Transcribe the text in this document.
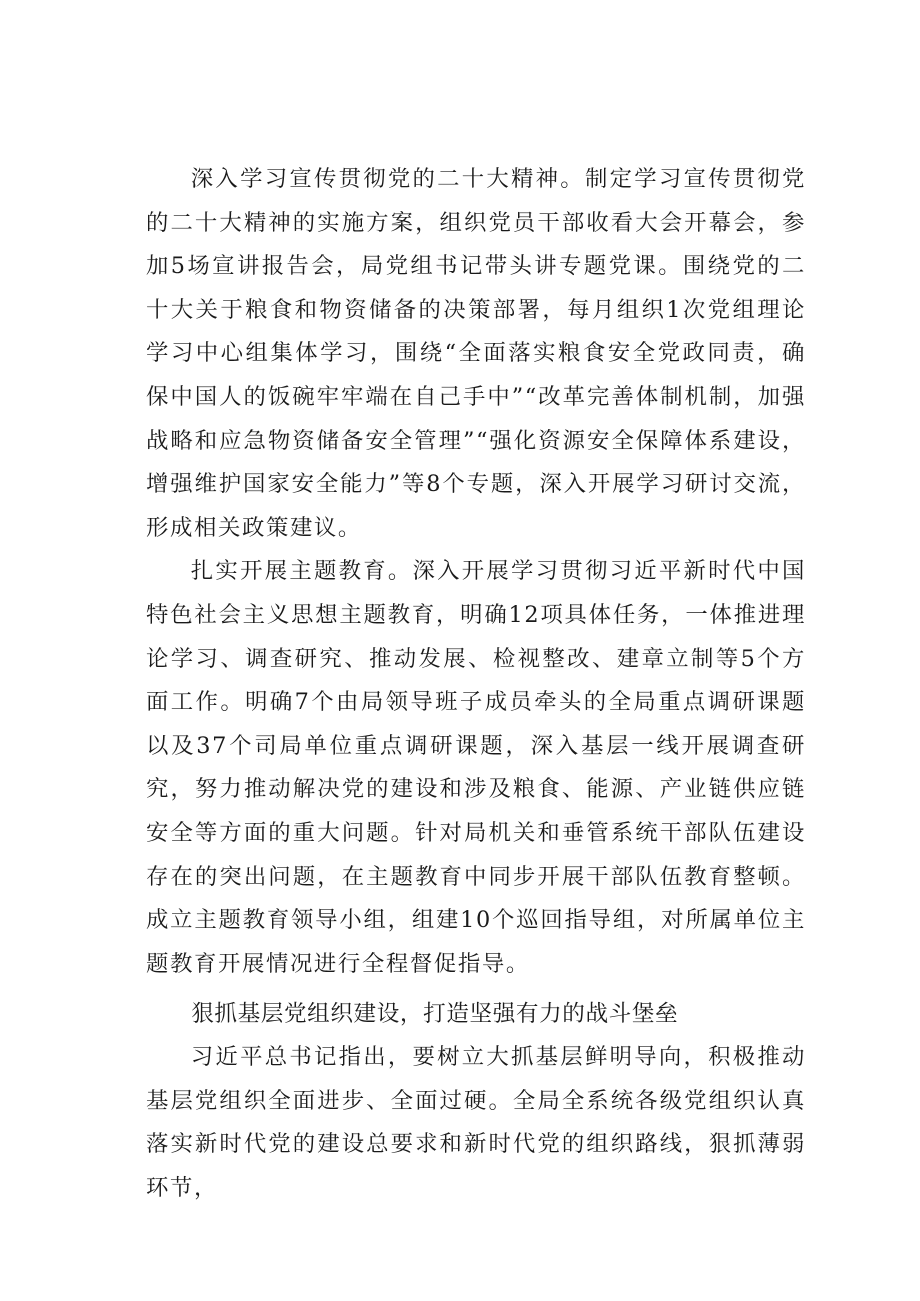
深入学习宣传贯彻党的二十大精神。制定学习宣传贯彻党的二十大精神的实施方案，组织党员干部收看大会开幕会，参加5场宣讲报告会，局党组书记带头讲专题党课。围绕党的二十大关于粮食和物资储备的决策部署，每月组织1次党组理论学习中心组集体学习，围绕“全面落实粮食安全党政同责，确保中国人的饭碗牢牢端在自己手中”“改革完善体制机制，加强战略和应急物资储备安全管理”“强化资源安全保障体系建设，增强维护国家安全能力”等8个专题，深入开展学习研讨交流，形成相关政策建议。

扎实开展主题教育。深入开展学习贯彻习近平新时代中国特色社会主义思想主题教育，明确12项具体任务，一体推进理论学习、调查研究、推动发展、检视整改、建章立制等5个方面工作。明确7个由局领导班子成员牵头的全局重点调研课题以及37个司局单位重点调研课题，深入基层一线开展调查研究，努力推动解决党的建设和涉及粮食、能源、产业链供应链安全等方面的重大问题。针对局机关和垂管系统干部队伍建设存在的突出问题，在主题教育中同步开展干部队伍教育整顿。成立主题教育领导小组，组建10个巡回指导组，对所属单位主题教育开展情况进行全程督促指导。

狠抓基层党组织建设，打造坚强有力的战斗堡垒

习近平总书记指出，要树立大抓基层鲜明导向，积极推动基层党组织全面进步、全面过硬。全局全系统各级党组织认真落实新时代党的建设总要求和新时代党的组织路线，狠抓薄弱环节，
